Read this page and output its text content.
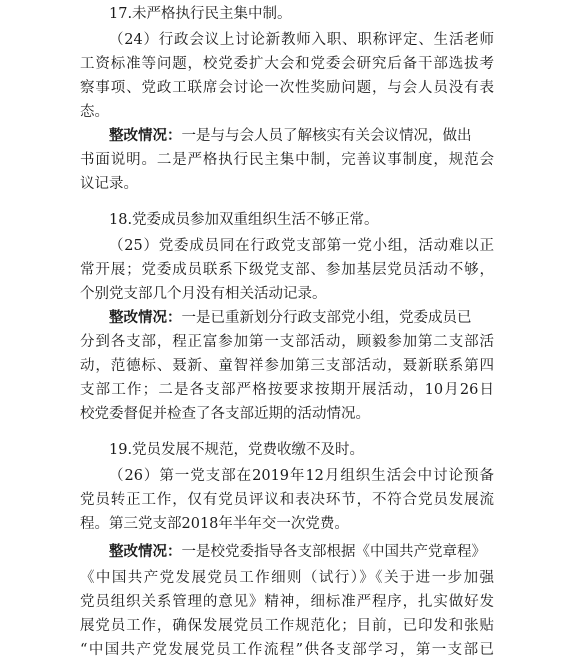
17.未严格执行民主集中制。
（24）行政会议上讨论新教师入职、职称评定、生活老师
工资标准等问题，校党委扩大会和党委会研究后备干部选拔考
察事项、党政工联席会讨论一次性奖励问题，与会人员没有表
态。
整改情况：一是与与会人员了解核实有关会议情况，做出
书面说明。二是严格执行民主集中制，完善议事制度，规范会
议记录。
18.党委成员参加双重组织生活不够正常。
（25）党委成员同在行政党支部第一党小组，活动难以正
常开展；党委成员联系下级党支部、参加基层党员活动不够，
个别党支部几个月没有相关活动记录。
整改情况：一是已重新划分行政支部党小组，党委成员已
分到各支部，程正富参加第一支部活动，顾毅参加第二支部活
动，范德标、聂新、童智祥参加第三支部活动，聂新联系第四
支部工作；二是各支部严格按要求按期开展活动，10月26日
校党委督促并检查了各支部近期的活动情况。
19.党员发展不规范，党费收缴不及时。
（26）第一党支部在2019年12月组织生活会中讨论预备
党员转正工作，仅有党员评议和表决环节，不符合党员发展流
程。第三党支部2018年半年交一次党费。
整改情况：一是校党委指导各支部根据《中国共产党章程》
《中国共产党发展党员工作细则（试行）》《关于进一步加强
党员组织关系管理的意见》精神，细标准严程序，扎实做好发
展党员工作，确保发展党员工作规范化；目前，已印发和张贴
“中国共产党发展党员工作流程”供各支部学习，第一支部已
